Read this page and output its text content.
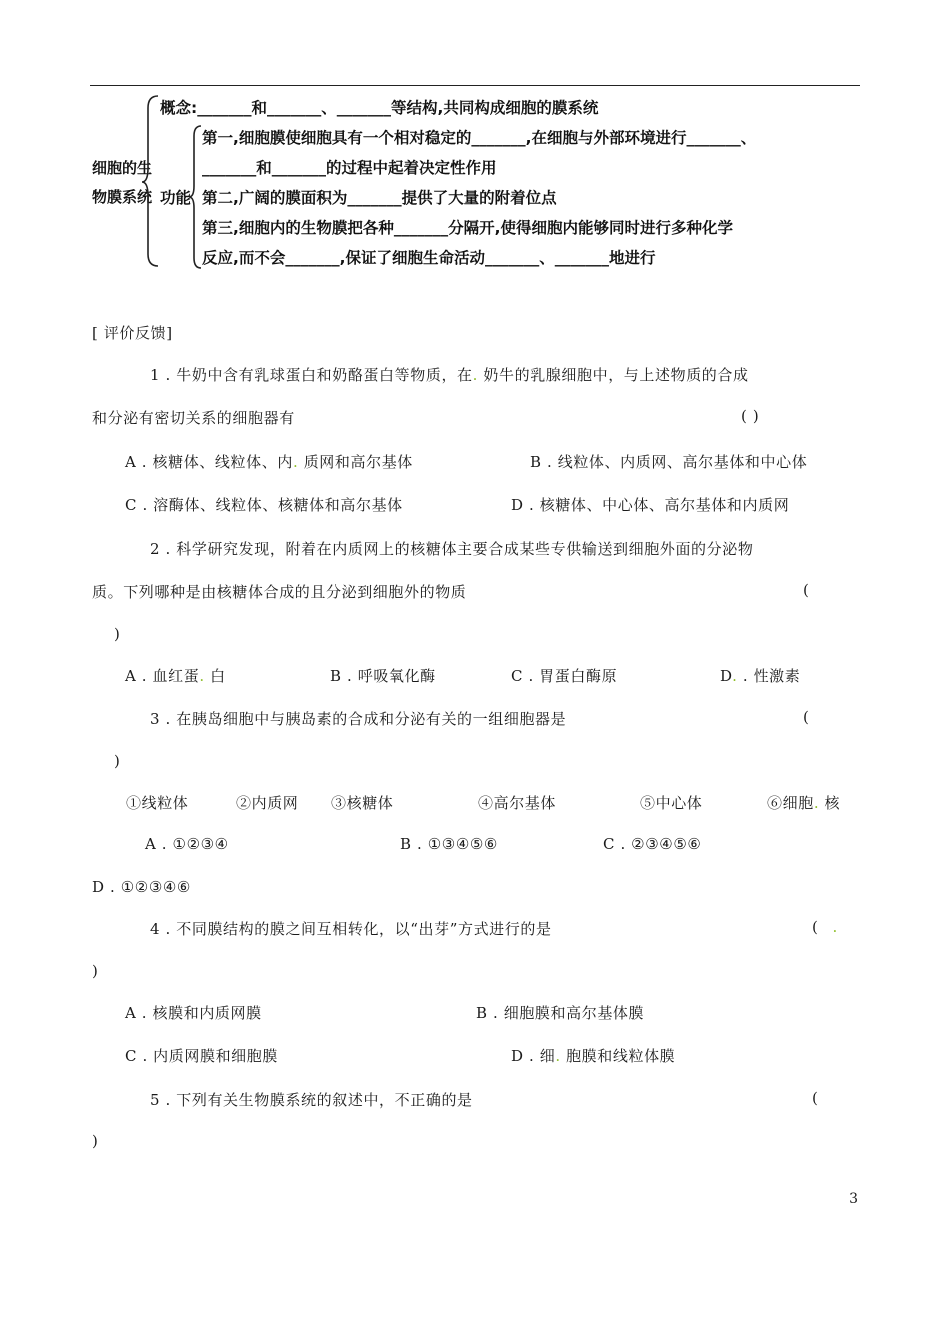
细胞的生
物膜系统
概念:_______和_______、_______等结构,共同构成细胞的膜系统
功能
第一,细胞膜使细胞具有一个相对稳定的_______,在细胞与外部环境进行_______、
_______和_______的过程中起着决定性作用
第二,广阔的膜面积为_______提供了大量的附着位点
第三,细胞内的生物膜把各种_______分隔开,使得细胞内能够同时进行多种化学
反应,而不会_______,保证了细胞生命活动_______、_______地进行
[ 评价反馈]
1 . 牛奶中含有乳球蛋白和奶酪蛋白等物质，在. 奶牛的乳腺细胞中，与上述物质的合成
和分泌有密切关系的细胞器有	( )
A . 核糖体、线粒体、内. 质网和高尔基体	B . 线粒体、内质网、高尔基体和中心体
C . 溶酶体、线粒体、核糖体和高尔基体	D . 核糖体、中心体、高尔基体和内质网
2 . 科学研究发现，附着在内质网上的核糖体主要合成某些专供输送到细胞外面的分泌物
质。下列哪种是由核糖体合成的且分泌到细胞外的物质	(
)
A . 血红蛋. 白	B . 呼吸氧化酶	C . 胃蛋白酶原	D. . 性激素
3 . 在胰岛细胞中与胰岛素的合成和分泌有关的一组细胞器是	(
)
①线粒体	②内质网 ③核糖体	④高尔基体	⑤中心体	⑥细胞. 核
A . ①②③④	B . ①③④⑤⑥	C . ②③④⑤⑥
D . ①②③④⑥
4 . 不同膜结构的膜之间互相转化，以“出芽”方式进行的是	( .
)
A . 核膜和内质网膜	B . 细胞膜和高尔基体膜
C . 内质网膜和细胞膜	D . 细. 胞膜和线粒体膜
5 . 下列有关生物膜系统的叙述中，不正确的是	(
)
3
